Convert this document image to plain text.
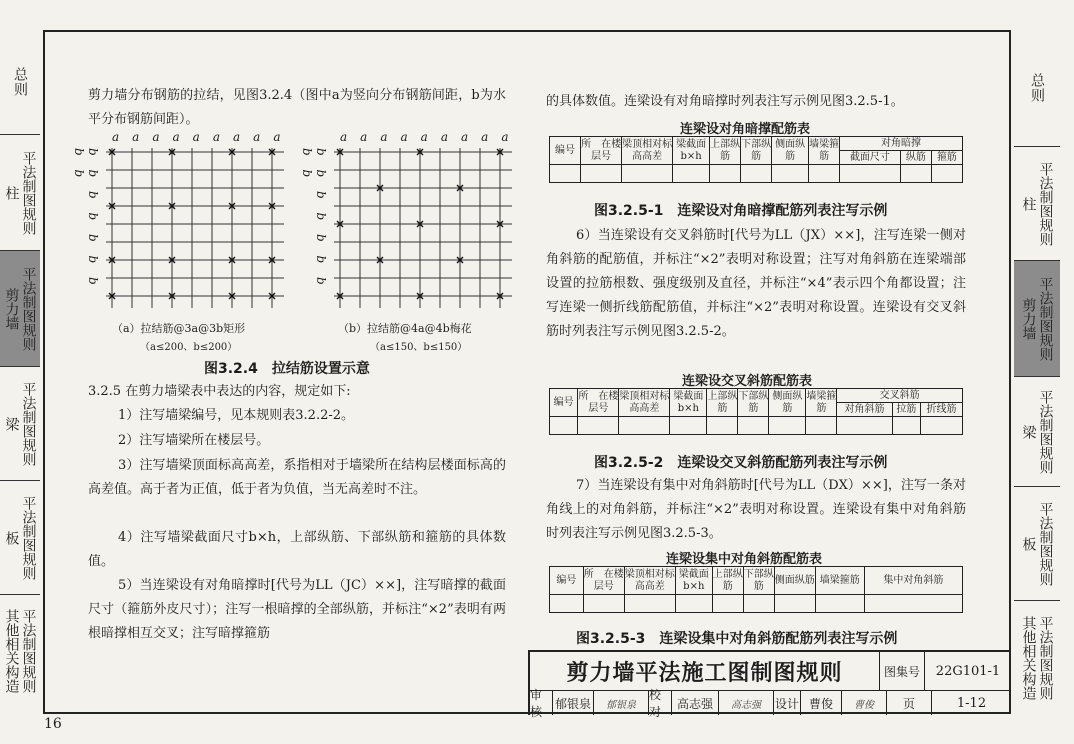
总则
平法制图规则
柱
平法制图规则
剪力墙
平法制图规则
梁
平法制图规则
板
平法制图规则
其他相关构造
总则
平法制图规则
柱
平法制图规则
剪力墙
平法制图规则
梁
平法制图规则
板
平法制图规则
其他相关构造

剪力墙分布钢筋的拉结，见图3.2.4（图中a为竖向分布钢筋间距，b为水平分布钢筋间距）。

a a a a a a a a a
b b b b b b b b b
（a）拉结筋@3a@3b矩形
（a≤200、b≤200）
a a a a a a a a a
b b b b b b b b b
（b）拉结筋@4a@4b梅花
（a≤150、b≤150）
图3.2.4　拉结筋设置示意

3.2.5 在剪力墙梁表中表达的内容，规定如下:

1）注写墙梁编号，见本规则表3.2.2-2。

2）注写墙梁所在楼层号。

3）注写墙梁顶面标高高差，系指相对于墙梁所在结构层楼面标高的高差值。高于者为正值，低于者为负值，当无高差时不注。

4）注写墙梁截面尺寸b×h，上部纵筋、下部纵筋和箍筋的具体数值。

5）当连梁设有对角暗撑时[代号为LL（JC）××]，注写暗撑的截面尺寸（箍筋外皮尺寸）；注写一根暗撑的全部纵筋，并标注“×2”表明有两根暗撑相互交叉；注写暗撑箍筋

的具体数值。连梁设有对角暗撑时列表注写示例见图3.2.5-1。

连梁设对角暗撑配筋表
编号	所　在楼层号	梁顶相对标高高差	梁截面b×h	上部纵筋	下部纵筋	侧面纵筋	墙梁箍筋	对角暗撑		
								截面尺寸	纵筋	箍筋

图3.2.5-1　连梁设对角暗撑配筋列表注写示例

6）当连梁设有交叉斜筋时[代号为LL（JX）××]，注写连梁一侧对角斜筋的配筋值，并标注“×2”表明对称设置；注写对角斜筋在连梁端部设置的拉筋根数、强度级别及直径，并标注“×4”表示四个角都设置；注写连梁一侧折线筋配筋值，并标注“×2”表明对称设置。连梁设有交叉斜筋时列表注写示例见图3.2.5-2。

连梁设交叉斜筋配筋表
编号	所　在楼层号	梁顶相对标高高差	梁截面b×h	上部纵筋	下部纵筋	侧面纵筋	墙梁箍筋	交叉斜筋		
								对角斜筋	拉筋	折线筋

图3.2.5-2　连梁设交叉斜筋配筋列表注写示例

7）当连梁设有集中对角斜筋时[代号为LL（DX）××]，注写一条对角线上的对角斜筋，并标注“×2”表明对称设置。连梁设有集中对角斜筋时列表注写示例见图3.2.5-3。

连梁设集中对角斜筋配筋表
编号	所　在楼层号	梁顶相对标高高差	梁截面b×h	上部纵筋	下部纵筋	侧面纵筋	墙梁箍筋	集中对角斜筋

图3.2.5-3　连梁设集中对角斜筋配筋列表注写示例
剪力墙平法施工图制图规则	图集号	22G101-1
审核
郁银泉	郁银泉
校对
高志强	高志强	设计 曹俊	曹俊	页	1-12
16
